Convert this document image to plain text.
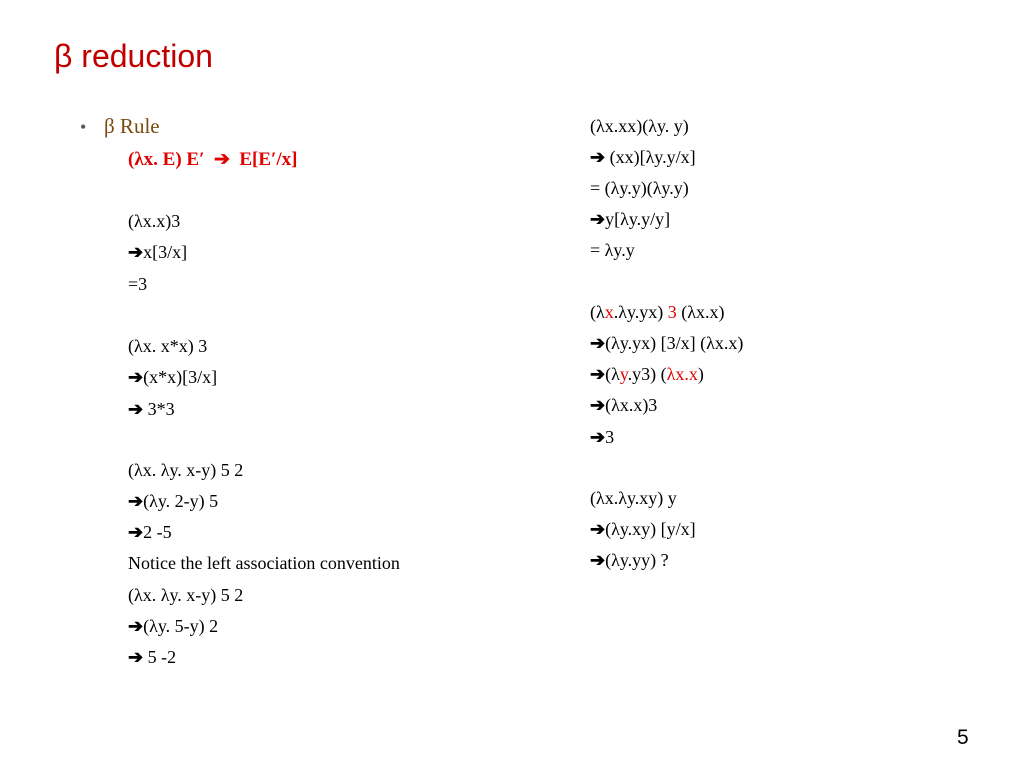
β reduction
• β Rule
(λx. E) E′ ➔ E[E′/x]
(λx.x)3
➔x[3/x]
=3
(λx. x*x) 3
➔(x*x)[3/x]
➔ 3*3
(λx. λy. x-y) 5 2
➔(λy. 2-y) 5
➔2 -5
Notice the left association convention
(λx. λy. x-y) 5 2
➔(λy. 5-y) 2
➔ 5 -2
(λx.xx)(λy. y)
➔ (xx)[λy.y/x]
= (λy.y)(λy.y)
➔y[λy.y/y]
= λy.y
(λx.λy.yx) 3 (λx.x)
➔(λy.yx) [3/x] (λx.x)
➔(λy.y3) (λx.x)
➔(λx.x)3
➔3
(λx.λy.xy) y
➔(λy.xy) [y/x]
➔(λy.yy) ?
5
